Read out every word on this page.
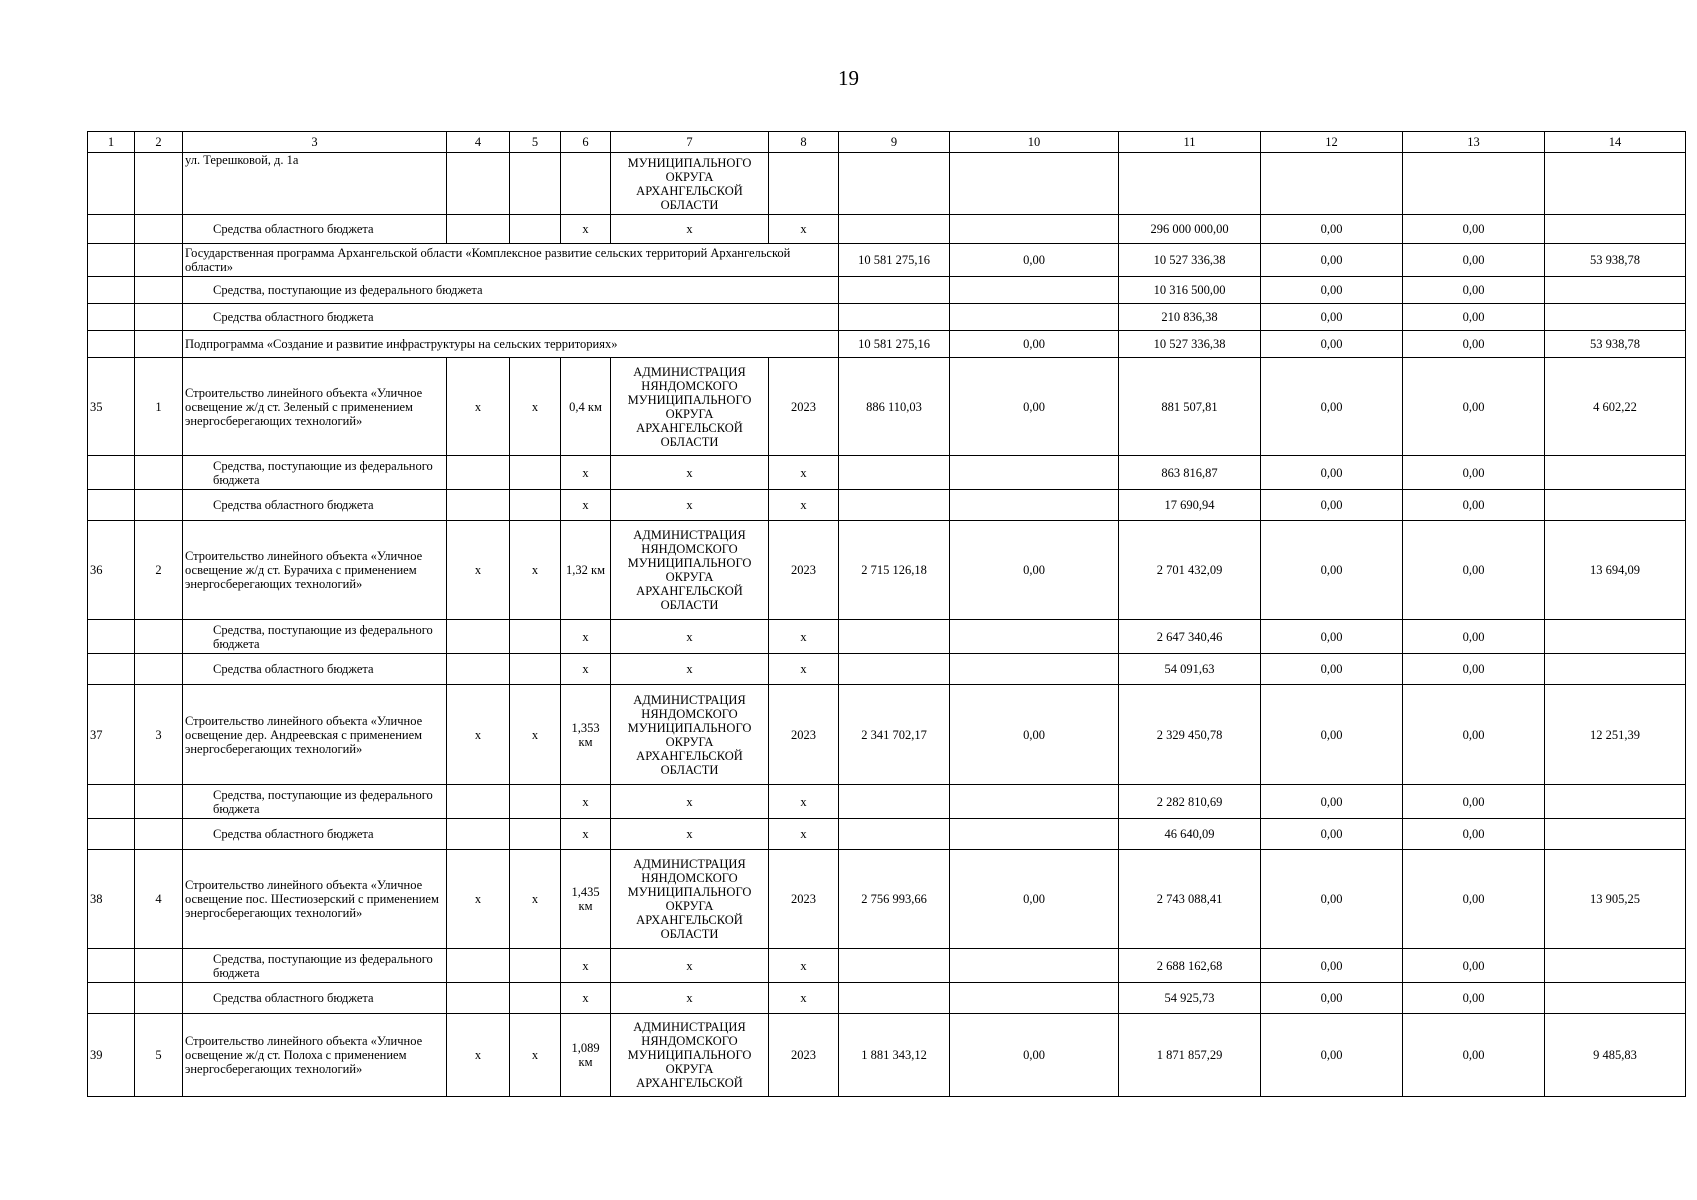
19
1	2	3	4	5	6	7	8	9	10	11	12	13	14
		ул. Терешковой, д. 1а				МУНИЦИПАЛЬНОГО ОКРУГА АРХАНГЕЛЬСКОЙ ОБЛАСТИ							
		Средства областного бюджета			x	x	x			296 000 000,00	0,00	0,00	
		Государственная программа Архангельской области «Комплексное развитие сельских территорий Архангельской области»						10 581 275,16	0,00	10 527 336,38	0,00	0,00	53 938,78
		Средства, поступающие из федерального бюджета								10 316 500,00	0,00	0,00	
		Средства областного бюджета								210 836,38	0,00	0,00	
		Подпрограмма «Создание и развитие инфраструктуры на сельских территориях»						10 581 275,16	0,00	10 527 336,38	0,00	0,00	53 938,78
35	1	Строительство линейного объекта «Уличное освещение ж/д ст. Зеленый с применением энергосберегающих технологий»	x	x	0,4 км	АДМИНИСТРАЦИЯ НЯНДОМСКОГО МУНИЦИПАЛЬНОГО ОКРУГА АРХАНГЕЛЬСКОЙ ОБЛАСТИ	2023	886 110,03	0,00	881 507,81	0,00	0,00	4 602,22
		Средства, поступающие из федерального бюджета			x	x	x			863 816,87	0,00	0,00	
		Средства областного бюджета			x	x	x			17 690,94	0,00	0,00	
36	2	Строительство линейного объекта «Уличное освещение ж/д ст. Бурачиха с применением энергосберегающих технологий»	x	x	1,32 км	АДМИНИСТРАЦИЯ НЯНДОМСКОГО МУНИЦИПАЛЬНОГО ОКРУГА АРХАНГЕЛЬСКОЙ ОБЛАСТИ	2023	2 715 126,18	0,00	2 701 432,09	0,00	0,00	13 694,09
		Средства, поступающие из федерального бюджета			x	x	x			2 647 340,46	0,00	0,00	
		Средства областного бюджета			x	x	x			54 091,63	0,00	0,00	
37	3	Строительство линейного объекта «Уличное освещение дер. Андреевская с применением энергосберегающих технологий»	x	x	1,353 км	АДМИНИСТРАЦИЯ НЯНДОМСКОГО МУНИЦИПАЛЬНОГО ОКРУГА АРХАНГЕЛЬСКОЙ ОБЛАСТИ	2023	2 341 702,17	0,00	2 329 450,78	0,00	0,00	12 251,39
		Средства, поступающие из федерального бюджета			x	x	x			2 282 810,69	0,00	0,00	
		Средства областного бюджета			x	x	x			46 640,09	0,00	0,00	
38	4	Строительство линейного объекта «Уличное освещение пос. Шестиозерский с применением энергосберегающих технологий»	x	x	1,435 км	АДМИНИСТРАЦИЯ НЯНДОМСКОГО МУНИЦИПАЛЬНОГО ОКРУГА АРХАНГЕЛЬСКОЙ ОБЛАСТИ	2023	2 756 993,66	0,00	2 743 088,41	0,00	0,00	13 905,25
		Средства, поступающие из федерального бюджета			x	x	x			2 688 162,68	0,00	0,00	
		Средства областного бюджета			x	x	x			54 925,73	0,00	0,00	
39	5	Строительство линейного объекта «Уличное освещение ж/д ст. Полоха с применением энергосберегающих технологий»	x	x	1,089 км	АДМИНИСТРАЦИЯ НЯНДОМСКОГО МУНИЦИПАЛЬНОГО ОКРУГА АРХАНГЕЛЬСКОЙ	2023	1 881 343,12	0,00	1 871 857,29	0,00	0,00	9 485,83
